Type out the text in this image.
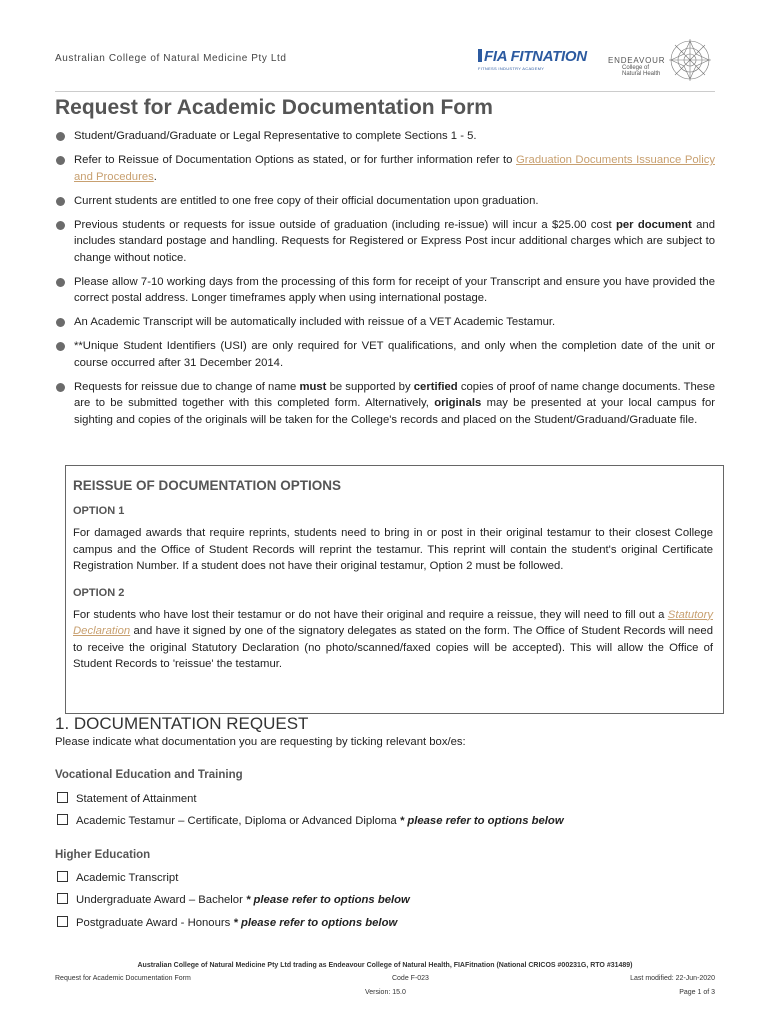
Australian College of Natural Medicine Pty Ltd	FIA FITNATION
FITNESS INDUSTRY ACADEMY
ENDEAVOUR
College of
Natural Health
Request for Academic Documentation Form
Student/Graduand/Graduate or Legal Representative to complete Sections 1 - 5.
Refer to Reissue of Documentation Options as stated, or for further information refer to Graduation Documents Issuance Policy and Procedures.
Current students are entitled to one free copy of their official documentation upon graduation.
Previous students or requests for issue outside of graduation (including re-issue) will incur a $25.00 cost per document and includes standard postage and handling. Requests for Registered or Express Post incur additional charges which are subject to change without notice.
Please allow 7-10 working days from the processing of this form for receipt of your Transcript and ensure you have provided the correct postal address. Longer timeframes apply when using international postage.
An Academic Transcript will be automatically included with reissue of a VET Academic Testamur.
**Unique Student Identifiers (USI) are only required for VET qualifications, and only when the completion date of the unit or course occurred after 31 December 2014.
Requests for reissue due to change of name must be supported by certified copies of proof of name change documents. These are to be submitted together with this completed form. Alternatively, originals may be presented at your local campus for sighting and copies of the originals will be taken for the College's records and placed on the Student/Graduand/Graduate file.
REISSUE OF DOCUMENTATION OPTIONS
OPTION 1

For damaged awards that require reprints, students need to bring in or post in their original testamur to their closest College campus and the Office of Student Records will reprint the testamur. This reprint will contain the student's original Certificate Registration Number. If a student does not have their original testamur, Option 2 must be followed.

OPTION 2

For students who have lost their testamur or do not have their original and require a reissue, they will need to fill out a Statutory Declaration and have it signed by one of the signatory delegates as stated on the form. The Office of Student Records will need to receive the original Statutory Declaration (no photo/scanned/faxed copies will be accepted). This will allow the Office of Student Records to 'reissue' the testamur.

1. DOCUMENTATION REQUEST
Please indicate what documentation you are requesting by ticking relevant box/es:
Vocational Education and Training
Statement of Attainment
Academic Testamur – Certificate, Diploma or Advanced Diploma * please refer to options below
Higher Education
Academic Transcript
Undergraduate Award – Bachelor * please refer to options below
Postgraduate Award - Honours * please refer to options below
Australian College of Natural Medicine Pty Ltd trading as Endeavour College of Natural Health, FIAFitnation (National CRICOS #00231G, RTO #31489)
Request for Academic Documentation Form	Code F-023	Last modified: 22-Jun-2020
Version: 15.0	Page 1 of 3
